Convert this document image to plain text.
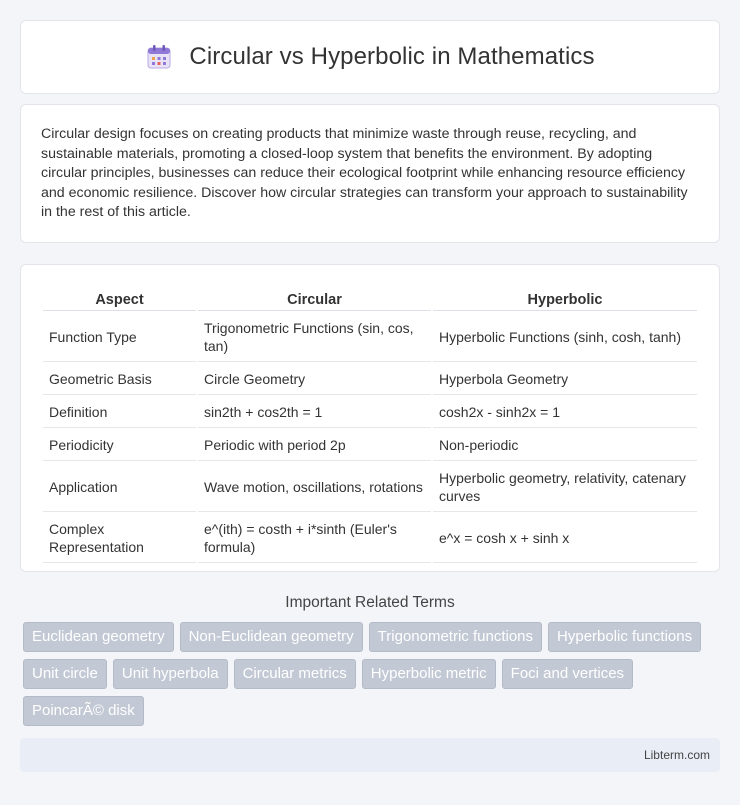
Circular vs Hyperbolic in Mathematics

Circular design focuses on creating products that minimize waste through reuse, recycling, and sustainable materials, promoting a closed-loop system that benefits the environment. By adopting circular principles, businesses can reduce their ecological footprint while enhancing resource efficiency and economic resilience. Discover how circular strategies can transform your approach to sustainability in the rest of this article.

Aspect	Circular	Hyperbolic
Function Type	Trigonometric Functions (sin, cos, tan)	Hyperbolic Functions (sinh, cosh, tanh)
Geometric Basis	Circle Geometry	Hyperbola Geometry
Definition	sin2th + cos2th = 1	cosh2x - sinh2x = 1
Periodicity	Periodic with period 2p	Non-periodic
Application	Wave motion, oscillations, rotations	Hyperbolic geometry, relativity, catenary curves
Complex Representation	e^(ith) = costh + i*sinth (Euler's formula)	e^x = cosh x + sinh x
Important Related Terms
Euclidean geometry	Non-Euclidean geometry	Trigonometric functions	Hyperbolic functions
Unit circle	Unit hyperbola	Circular metrics	Hyperbolic metric	Foci and vertices
PoincarÃ© disk
Libterm.com
